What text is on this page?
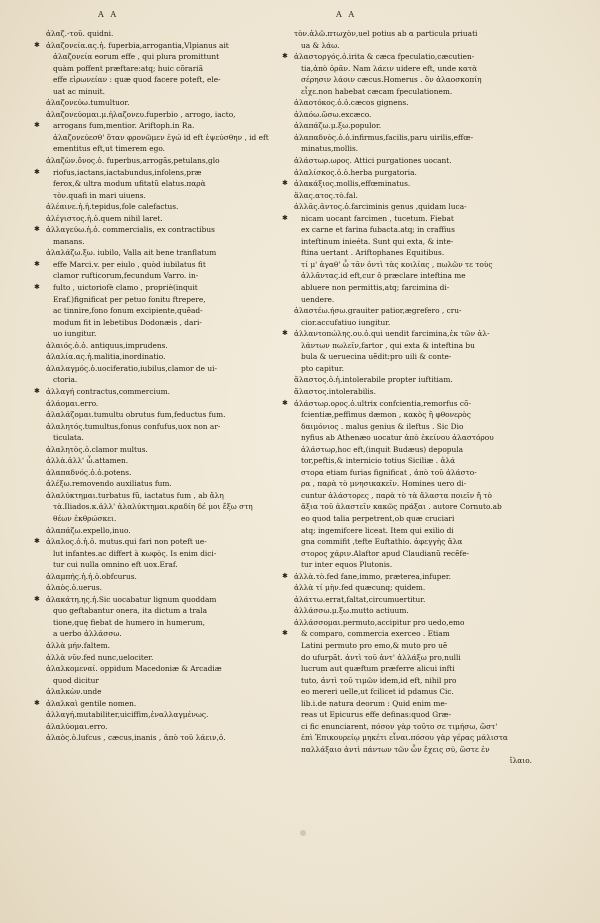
A A	A A
ἀλαζ.-τοῦ. quidni.
✱ ἀλαζονεία.ας.ἡ. fuperbia,arrogantia,Vlpianus ait
ἀλαζονεία eorum effe , qui plura promittunt
quàm poffent præftare:atq; huic cõrariã
effe εἰρωνείαν : quæ quod facere poteft, ele-
uat ac minuit.
ἀλαζονεύω.tumultuor.
ἀλαζονεύομαι.μ.ἠλαζονευ.fuperbio , arrogo, iacto,
✱ arrogans fum,mentior. Ariftoph.in Ra.
ἀλαζονεύεσθ' ὅταν φρονῶμεν ἐγώ id eft ἐψεύσθην , id eft
ementitus eft,ut timerem ego.
ἀλαζὼν.ὄνος.ὁ. fuperbus,arrogãs,petulans,glo
✱ riofus,iactans,iactabundus,infolens,præ
ferox,& ultra modum ufitatũ elatus.παρὰ
τὸν.quafi in mari uiuens.
ἀλέαινε.ἡ.ἡ.tepidus,fole calefactus.
ἀλέγιστος.ἡ.ὁ.quem nihil laret.
✱ ἀλλαγεύω.ἡ.ὁ. commercialis, ex contractibus
manans.
ἀλαλάζω.ξω. iubilo, Valla ait bene tranflatum
✱ effe Marci.v. per eiulo , quòd iubilatus fit
clamor rufticorum,fecundum Varro. in-
✱ fulto , uictoriofè clamo , propriè(inquit
Eraf.)fignificat per petuo fonitu ftrepere,
ac tinnire,fono fonum excipiente,quẽad-
modum fit in lebetibus Dodonæis , dari-
uo iungitur.
ἀλαιός.ὁ.ὁ. antiquus,imprudens.
ἀλαλία.ας.ἡ.malitia,inordinatio.
ἀλαλαγμός.ὁ.uociferatio,iubilus,clamor de ui-
ctoria.
✱ ἀλλαγή contractus,commercium.
ἀλάομαι.erro.
ἀλαλάζομαι.tumultu obrutus fum,feductus fum.
ἀλαλητός.tumultus,fonus confufus,uox non ar-
ticulata.
ἀλαλητὸς.ὁ.clamor multus.
ἀλλὰ.ἀλλ' ὦ.attamen.
ἀλαπαδνός.ὁ.ὁ.potens.
ἀλέξω.removendo auxiliatus fum.
ἀλαλύκτημαι.turbatus fũ, iactatus fum , ab ἄλη
τὰ.Iliados.κ.ἀλλ' ἀλαλύκτημαι.κραδίη δέ μοι ἔξω στη
θέων ἐκθρώσκει.
ἀλαπάζω.expello,inuo.
✱ ἀλαλος.ὁ.ἡ.ὁ. mutus.qui fari non poteft ue-
lut infantes.ac differt à κωφὸς. Is enim dici-
tur cui nulla omnino eft uox.Eraf.
ἀλαμπής.ἡ.ἡ.ὁ.obfcurus.
ἀλαὸς.ὁ.uerus.
✱ ἀλακάτη.ης.ἡ.Sic uocabatur lignum quoddam
quo geftabantur onera, ita dictum a trala
tione,quę fiebat de humero in humerum,
a uerbo ἀλλάσσω.
ἀλλὰ μήν.faltem.
ἀλλὰ νῦν.fed nunc,uelociter.
ἀλαλκομεναί. oppidum Macedoniæ & Arcadiæ
quod dicitur
ἀλαλκὼν.unde
✱ ἀλαλκαὶ gentile nomen.
ἀλλαγή.mutabiliter,uiciffim,ἐναλλαγμένως.
ἀλαλύομαι.erro.
ἀλαὸς.ὁ.lufcus , cæcus,inanis , ἀπὸ τοῦ λάειν,ὁ.
τὸν.ἀλῶ.πτωχὸν,uel potius ab α particula priuati
ua & λάω.
✱ ἀλαστοργός.ὁ.irita & cæca fpeculatio,cæcutien-
tia,ἀπὸ ὁρᾶν. Nam λάειν uidere eft, unde κατὰ
σέρησιν λάοιν cæcus.Homerus . ὅν ἀλαοσκοπίη
εἶχε.non habebat cæcam fpeculationem.
ἀλαοτόκος.ὁ.ὁ.cæcos gignens.
ἀλαόω.ὤσω.excæco.
ἀλαπάζω.μ.ξω.populor.
ἀλαπαδνὸς.ὁ.ὁ.infirmus,facilis,paru uirilis,effœ-
minatus,mollis.
ἀλάστωρ.ωρος. Attici purgationes uocant.
ἀλαλίσκος.ὁ.ὁ.herba purgatoria.
✱ ἀλακάξιος.mollis,effœminatus.
ἅλας.ατος.τὸ.fal.
ἀλλᾶς.ᾶντος.ὁ.farciminis genus ,quidam luca-
✱ nicam uocant farcimen , tucetum. Fiebat
ex carne et farina fubacta.atq; in craffius
inteftinum inieéta. Sunt qui exta, & inte-
ftina uertant . Ariftophanes Equitibus.
τί μ' ἀγαθ' ὦ τᾶν ὁντὶ τὰς κοιλίας , πωλῶν τε τοὺς
ἀλλᾶντας.id eft,cur ô præclare inteftina me
abluere non permittis,atq; farcimina di-
uendere.
ἀλαστέω.ήσω.grauiter patior,ægrefero , cru-
cior.accufatiuo iungitur.
✱ ἀλλαντοπώλης.ου.ὁ.qui uendit farcimina,ἐκ τῶν ἀλ-
λάντων πωλεῖν,fartor , qui exta & inteftina bu
bula & ueruecina uẽdit:pro uili & conte-
pto capitur.
ἄλαστος.ὁ.ἡ.intolerabile propter iuftitiam.
ἄλαστος.intolerabilis.
✱ ἀλάστωρ.ορος.ὁ.ultrix confcientia,remorfus cõ-
fcientiæ,peffimus dæmon , κακὸς ἢ φθονερὸς
δαιμόνιος . malus genius & ileftus . Sic Dio
nyfius ab Athenæo uocatur ἀπὸ ἐκείνου ἀλαστόρου
ἀλάστωρ,hoc eft,(inquit Budæus) depopula
tor,peftis,& internicio totius Siciliæ . ἀλά
στορα etiam furias fignificat , ἀπὸ τοῦ ἀλάστο-
ρα , παρὰ τὸ μνησικακεῖν. Homines uero di-
cuntur ἀλάστορες , παρὰ τὸ τὰ ἄλαστα ποιεῖν ἤ τὸ
ἄξια τοῦ ἀλαστεῖν κακῶς πράξαι . autore Cornuto.ab
eo quod talia perpetrent,ob quæ cruciari
atq; ingemifcere liceat. Item qui exilio di
gna commifit ,tefte Euftathio. ἀφεγγὴς ἄλα
στορος χάριν.Alaftor apud Claudianũ recẽfe-
tur inter equos Plutonis.
✱ ἀλλὰ.τὸ.fed fane,immo, præterea,infuper.
ἀλλὰ τί μὴν.fed quæcunq; quidem.
ἀλάττω.errat,faltat,circumuertitur.
ἀλλάσσω.μ.ξω.mutto actiuum.
ἀλλάσσομαι.permuto,accipitur pro uedo,emo
✱ & comparo, commercia exerceo . Etiam
Latini permuto pro emo,& muto pro uẽ
do ufurpãt. ἀντὶ τοῦ ἀντ' ἀλλάξω pro,nulli
lucrum aut quæftum præferre alicui infti
tuto, ἀντὶ τοῦ τιμῶν idem,id eft, nihil pro
eo mereri uelle,ut fcilicet id pdamus Cic.
lib.i.de natura deorum : Quid enim me-
reas ut Epicurus effe definas:quod Græ-
ci fic enunciarent, πόσον γὰρ τοῦτο σε τιμήσω, ὥστ'
ἐπὶ Ἐπικουρείῳ μηκέτι εἶναι.πόσου γὰρ γέρας μάλιστα
παλλάξαιο ἀντὶ πάντων τῶν ὧν ἔχεις σύ, ὥστε ἐν
ἴλαιο.
